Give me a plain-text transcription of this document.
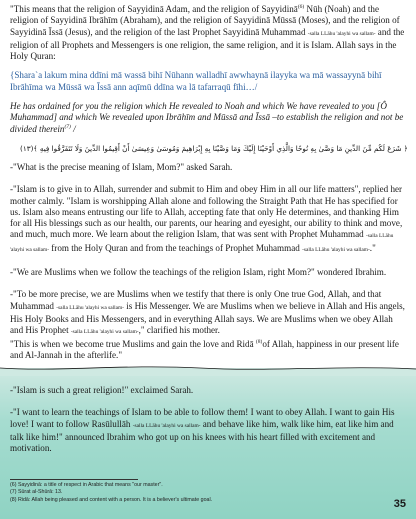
"This means that the religion of Sayyidinā Adam, and the religion of Sayyidinā$^{(6)}$ Nūh (Noah) and the religion of Sayyidinā Ibrāhīm (Abraham), and the religion of Sayyidinā Mūssā (Moses), and the religion of Sayyidinā Īssā (Jesus), and the religion of the last Prophet Sayyidinā Muhammad -salla LLāhu 'alayhi wa sallam- and the religion of all Prophets and Messengers is one religion, the same religion, and it is Islam. Allah says in the Holy Quran:

{Shara`a lakum mina ddīni mā wassā bihī Nūhann walladhī awwhaynā ilayyka wa mā wassayynā bihī Ibrāhīma wa Mūssā wa Īssā ann aqīmū ddīna wa lā tafarraqū fīhi…/

He has ordained for you the religion which He revealed to Noah and which We have revealed to you [Ô Muhammad] and which We revealed upon Ibrāhīm and Mūssā and Īssā –to establish the religion and not be divided therein$^{(7)}$ /

﴿ شَرَعَ لَكُم مِّنَ الدِّينِ مَا وَصَّىٰ بِهِ نُوحًا وَالَّذِي أَوْحَيْنَا إِلَيْكَ وَمَا وَصَّيْنَا بِهِ إِبْرَاهِيمَ وَمُوسَىٰ وَعِيسَىٰ أَنْ أَقِيمُوا الدِّينَ وَلَا تَتَفَرَّقُوا فِيهِ ﴾(١٣)

-"What is the precise meaning of Islam, Mom?" asked Sarah.

-"Islam is to give in to Allah, surrender and submit to Him and obey Him in all our life matters", replied her mother calmly. "Islam is worshipping Allah alone and following the Straight Path that He has specified for us. Islam also means entrusting our life to Allah, accepting fate that only He determines, and thanking Him for all His blessings such as our health, our parents, our hearing and eyesight, our ability to think and move, and much, much more. We learn about the religion Islam, that was sent with Prophet Muhammad -salla LLāhu 'alayhi wa sallam- from the Holy Quran and from the teachings of Prophet Muhammad -salla LLāhu 'alayhi wa sallam-."

-"We are Muslims when we follow the teachings of the religion Islam, right Mom?" wondered Ibrahim.

-"To be more precise, we are Muslims when we testify that there is only One true God, Allah, and that Muhammad -salla LLāhu 'alayhi wa sallam- is His Messenger. We are Muslims when we believe in Allah and His angels, His Holy Books and His Messengers, and in everything Allah says. We are Muslims when we obey Allah and His Prophet -salla LLāhu 'alayhi wa sallam-," clarified his mother.
"This is when we become true Muslims and gain the love and Ridā $^{(8)}$of Allah, happiness in our present life and Al-Jannah in the afterlife."

-"Islam is such a great religion!" exclaimed Sarah.

-"I want to learn the teachings of Islam to be able to follow them! I want to obey Allah. I want to gain His love! I want to follow Rasūlullāh -salla LLāhu 'alayhi wa sallam- and behave like him, walk like him, eat like him and talk like him!" announced Ibrahim who got up on his knees with his heart filled with excitement and motivation.

(6) Sayyidinā: a title of respect in Arabic that means "our master".

(7) Sūrat al-Shūrā: 13.

(8) Ridā: Allah being pleased and content with a person. It is a believer's ultimate goal.	35
